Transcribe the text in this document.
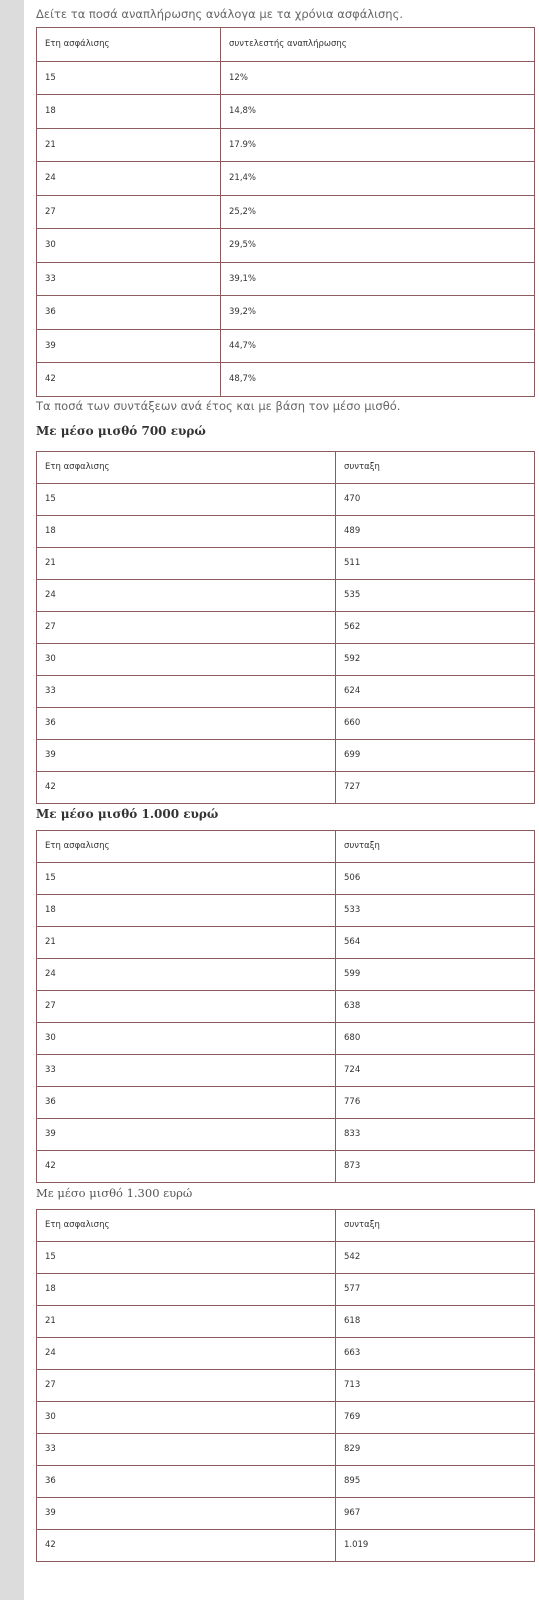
Δείτε τα ποσά αναπλήρωσης ανάλογα με τα χρόνια ασφάλισης.
Ετη ασφάλισης	συντελεστής αναπλήρωσης
15	12%
18	14,8%
21	17.9%
24	21,4%
27	25,2%
30	29,5%
33	39,1%
36	39,2%
39	44,7%
42	48,7%
Τα ποσά των συντάξεων ανά έτος και με βάση τον μέσο μισθό.
Με μέσο μισθό 700 ευρώ
Ετη ασφαλισης	συνταξη
15	470
18	489
21	511
24	535
27	562
30	592
33	624
36	660
39	699
42	727
Με μέσο μισθό 1.000 ευρώ
Ετη ασφαλισης	συνταξη
15	506
18	533
21	564
24	599
27	638
30	680
33	724
36	776
39	833
42	873
Με μέσο μισθό 1.300 ευρώ
Ετη ασφαλισης	συνταξη
15	542
18	577
21	618
24	663
27	713
30	769
33	829
36	895
39	967
42	1.019
